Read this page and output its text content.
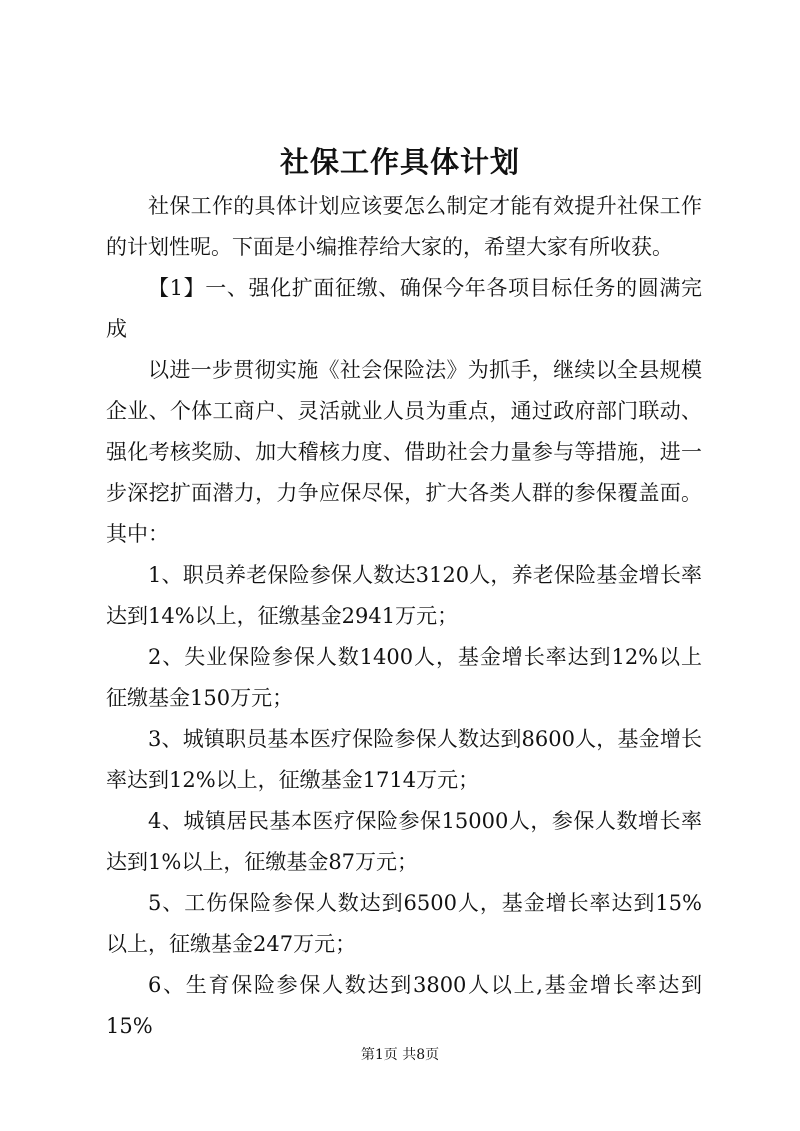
社保工作具体计划

社保工作的具体计划应该要怎么制定才能有效提升社保工作的计划性呢。下面是小编推荐给大家的，希望大家有所收获。

【1】一、强化扩面征缴、确保今年各项目标任务的圆满完成

以进一步贯彻实施《社会保险法》为抓手，继续以全县规模企业、个体工商户、灵活就业人员为重点，通过政府部门联动、强化考核奖励、加大稽核力度、借助社会力量参与等措施，进一步深挖扩面潜力，力争应保尽保，扩大各类人群的参保覆盖面。其中：

1、职员养老保险参保人数达3120人，养老保险基金增长率达到14%以上，征缴基金2941万元；

2、失业保险参保人数1400人，基金增长率达到12%以上征缴基金150万元；

3、城镇职员基本医疗保险参保人数达到8600人，基金增长率达到12%以上，征缴基金1714万元；

4、城镇居民基本医疗保险参保15000人，参保人数增长率达到1%以上，征缴基金87万元；

5、工伤保险参保人数达到6500人，基金增长率达到15%以上，征缴基金247万元；

6、生育保险参保人数达到3800人以上,基金增长率达到15%

第1页 共8页
